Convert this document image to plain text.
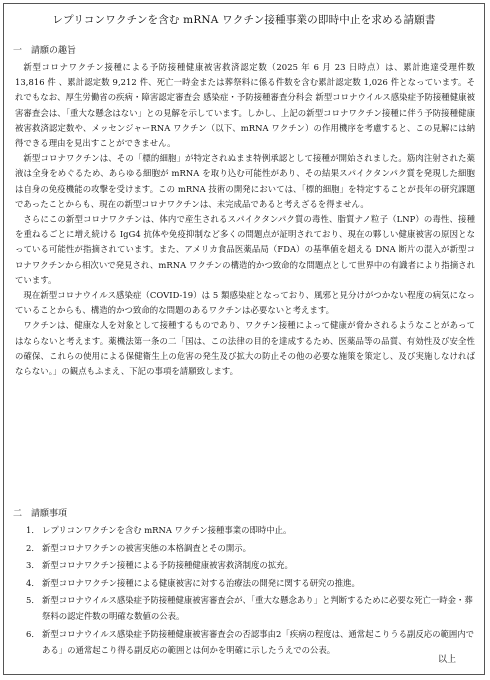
レプリコンワクチンを含む mRNA ワクチン接種事業の即時中止を求める請願書
一　請願の趣旨

新型コロナワクチン接種による予防接種健康被害救済認定数（2025 年 6 月 23 日時点）は、累計進達受理件数 13,816 件 、累計認定数 9,212 件、死亡一時金または葬祭料に係る件数を含む累計認定数 1,026 件となっています。それでもなお、厚生労働省の疾病・障害認定審査会 感染症・予防接種審査分科会 新型コロナウイルス感染症予防接種健康被害審査会は、「重大な懸念はない」との見解を示しています。しかし、上記の新型コロナワクチン接種に伴う予防接種健康被害救済認定数や、メッセンジャーRNA ワクチン（以下、mRNA ワクチン）の作用機序を考慮すると、この見解には納得できる理由を見出すことができません。

新型コロナワクチンは、その「標的細胞」が特定されぬまま特例承認として接種が開始されました。筋肉注射された薬液は全身をめぐるため、あらゆる細胞が mRNA を取り込む可能性があり、その結果スパイクタンパク質を発現した細胞は自身の免疫機能の攻撃を受けます。この mRNA 技術の開発においては、「標的細胞」を特定することが長年の研究課題であったことからも、現在の新型コロナワクチンは、未完成品であると考えざるを得ません。

さらにこの新型コロナワクチンは、体内で産生されるスパイクタンパク質の毒性、脂質ナノ粒子（LNP）の毒性、接種を重ねるごとに増え続ける IgG4 抗体や免疫抑制など多くの問題点が証明されており、現在の夥しい健康被害の原因となっている可能性が指摘されています。また、アメリカ食品医薬品局（FDA）の基準値を超える DNA 断片の混入が新型コロナワクチンから相次いで発見され、mRNA ワクチンの構造的かつ致命的な問題点として世界中の有識者により指摘されています。

現在新型コロナウイルス感染症（COVID-19）は 5 類感染症となっており、風邪と見分けがつかない程度の病気になっていることからも、構造的かつ致命的な問題のあるワクチンは必要ないと考えます。

ワクチンは、健康な人を対象として接種するものであり、ワクチン接種によって健康が脅かされるようなことがあってはならないと考えます。薬機法第一条の二「国は、この法律の目的を達成するため、医薬品等の品質、有効性及び安全性の確保、これらの使用による保健衛生上の危害の発生及び拡大の防止その他の必要な施策を策定し、及び実施しなければならない。」の観点もふまえ、下記の事項を請願致します。

二　請願事項
1． レプリコンワクチンを含む mRNA ワクチン接種事業の即時中止。
2． 新型コロナワクチンの被害実態の本格調査とその開示。
3． 新型コロナワクチン接種による予防接種健康被害救済制度の拡充。
4． 新型コロナワクチン接種による健康被害に対する治療法の開発に関する研究の推進。
5． 新型コロナウイルス感染症予防接種健康被害審査会が、「重大な懸念あり」と判断するために必要な死亡一時金・葬祭料の認定件数の明確な数値の公表。
6． 新型コロナウイルス感染症予防接種健康被害審査会の否認事由2「疾病の程度は、通常起こりうる副反応の範囲内である」の通常起こり得る副反応の範囲とは何かを明確に示したうえでの公表。
以上
